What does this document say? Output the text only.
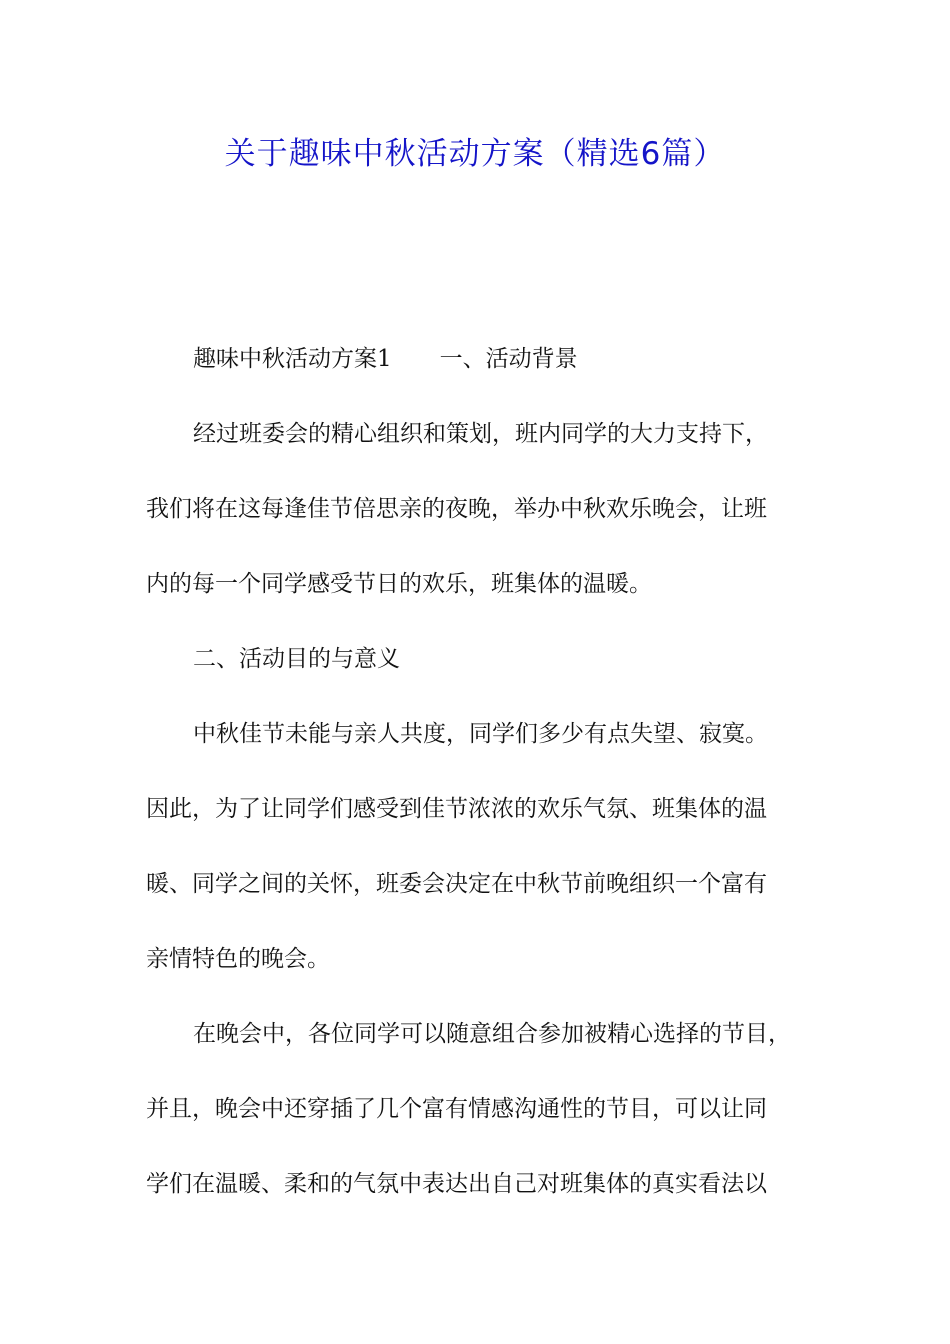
关于趣味中秋活动方案（精选6篇）

趣味中秋活动方案1 一、活动背景

经过班委会的精心组织和策划，班内同学的大力支持下，

我们将在这每逢佳节倍思亲的夜晚，举办中秋欢乐晚会，让班

内的每一个同学感受节日的欢乐，班集体的温暖。

二、活动目的与意义

中秋佳节未能与亲人共度，同学们多少有点失望、寂寞。

因此，为了让同学们感受到佳节浓浓的欢乐气氛、班集体的温

暖、同学之间的关怀，班委会决定在中秋节前晚组织一个富有

亲情特色的晚会。

在晚会中，各位同学可以随意组合参加被精心选择的节目，

并且，晚会中还穿插了几个富有情感沟通性的节目，可以让同

学们在温暖、柔和的气氛中表达出自己对班集体的真实看法以
